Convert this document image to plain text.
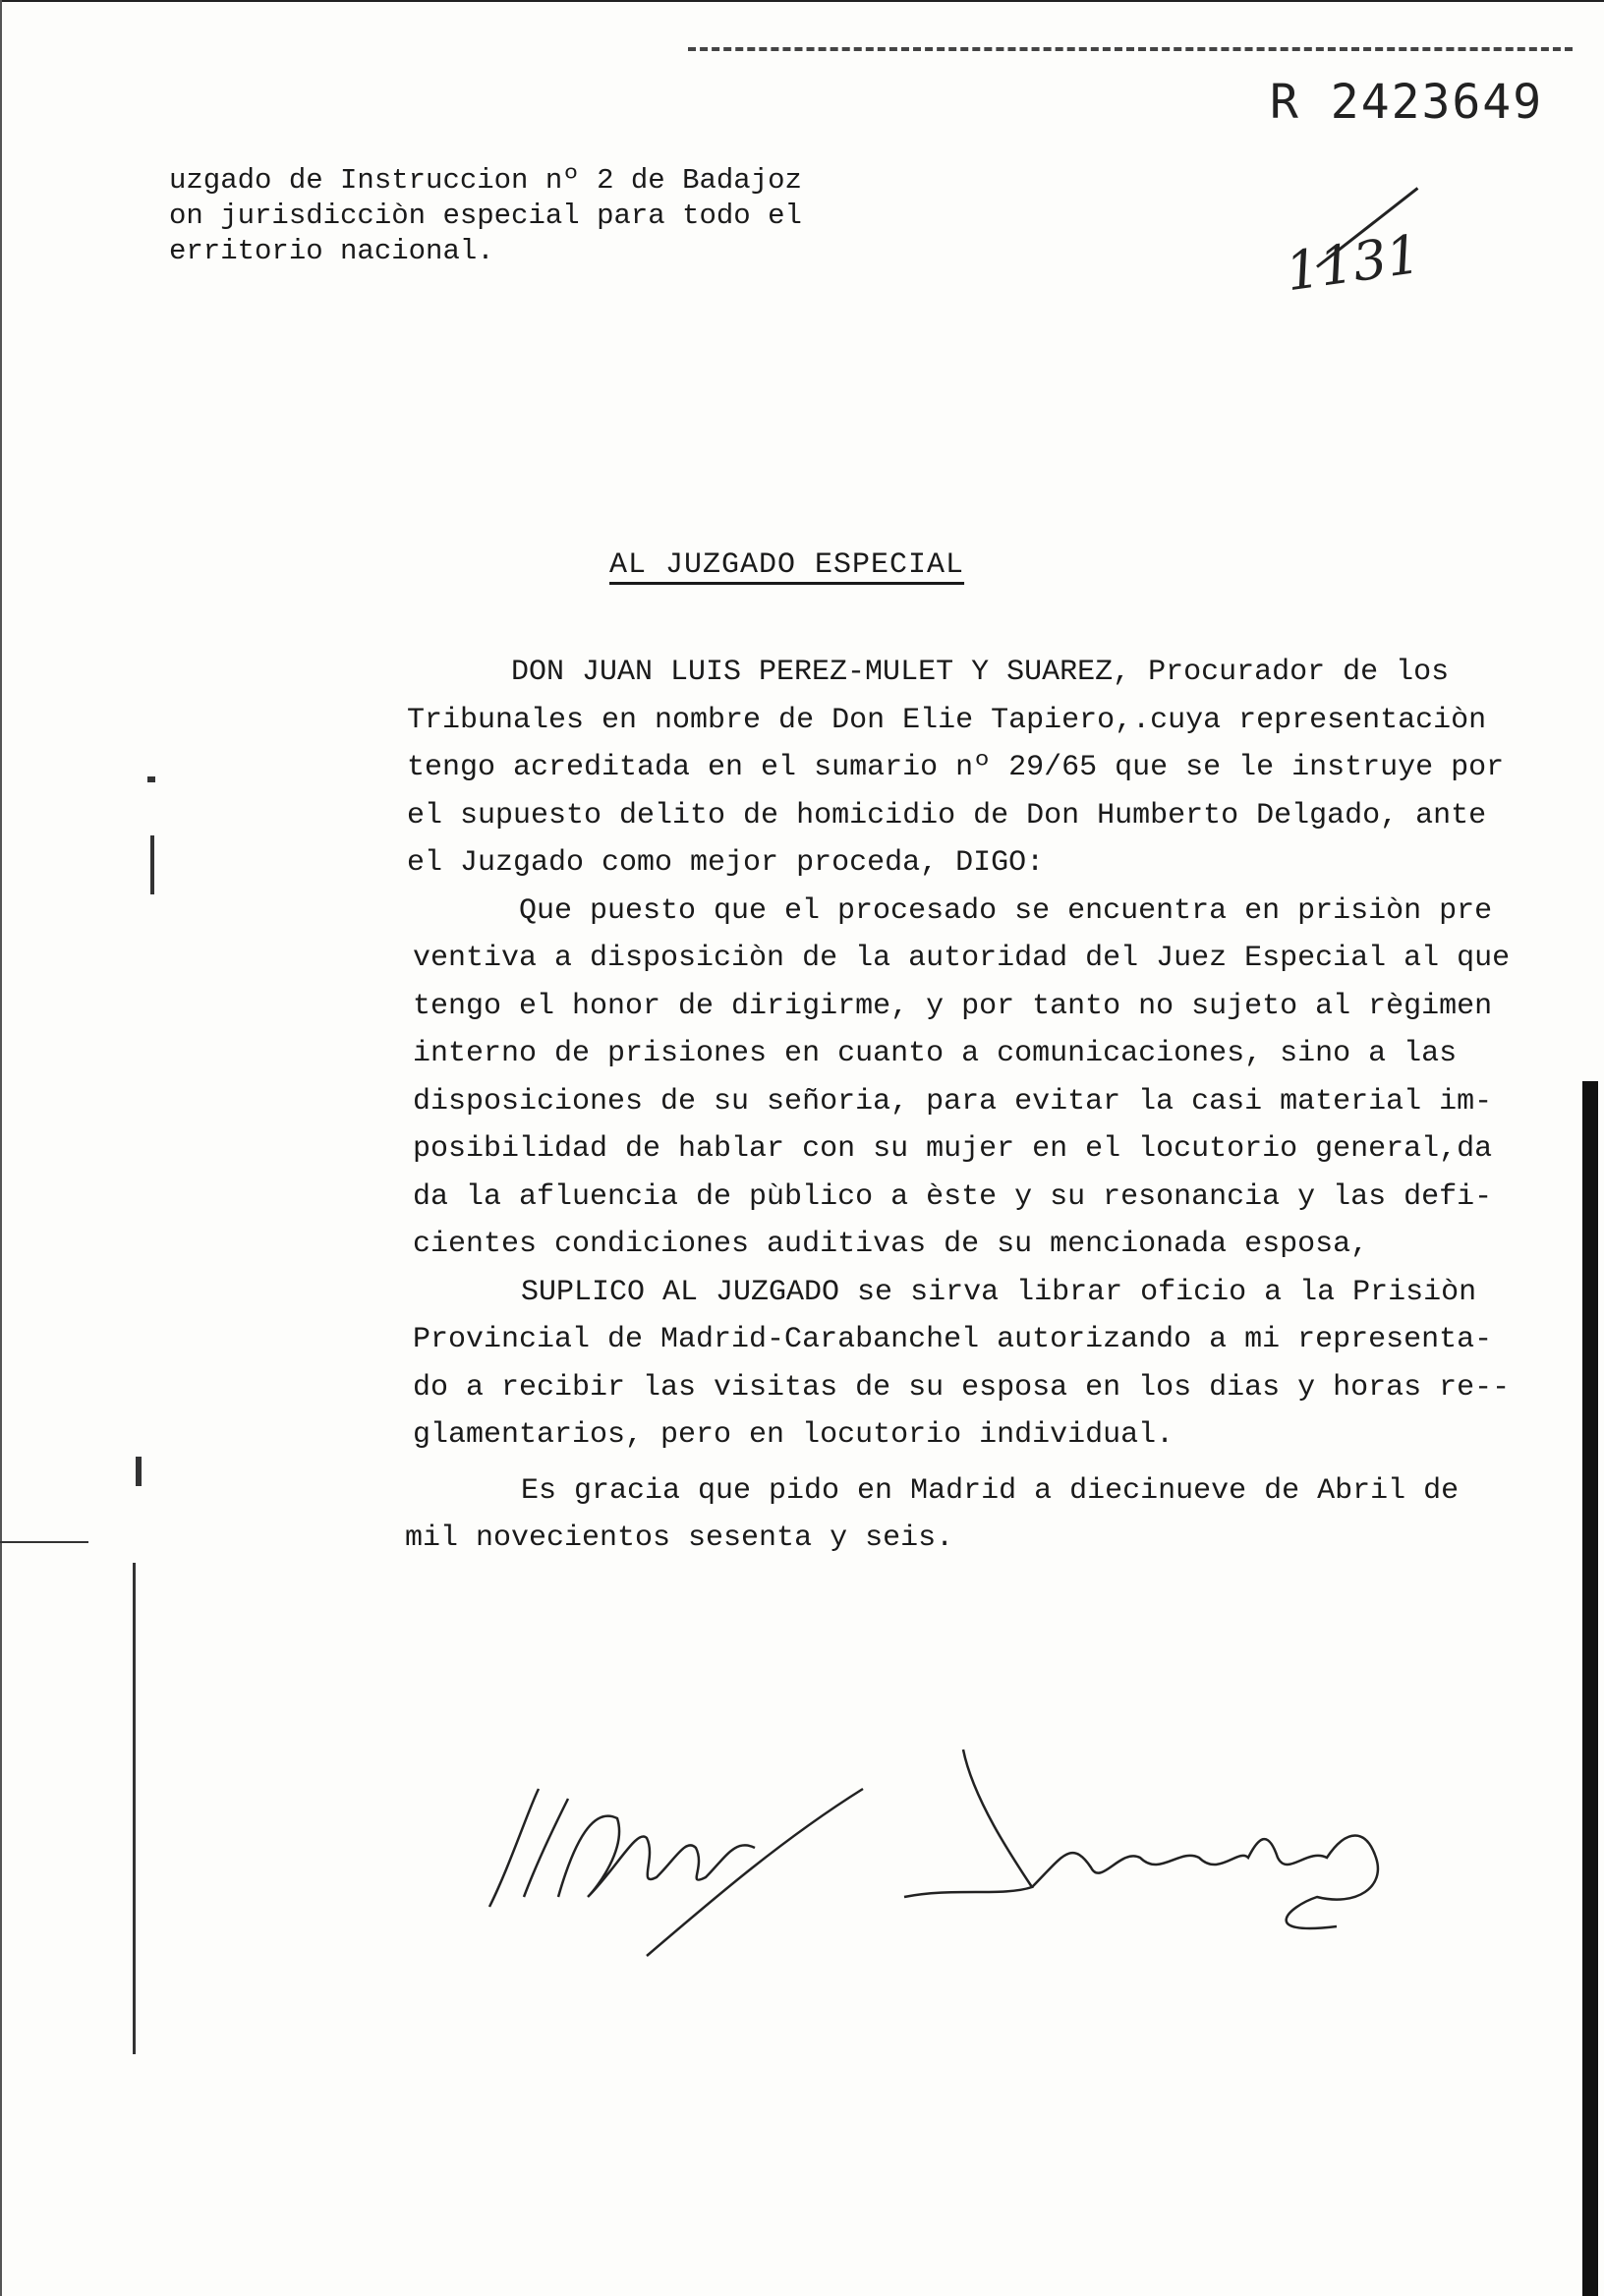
R 2423649
1131
uzgado de Instruccion nº 2 de Badajoz
on jurisdicciòn especial para todo el
erritorio nacional.
AL JUZGADO ESPECIAL
DON JUAN LUIS PEREZ-MULET Y SUAREZ, Procurador de los
Tribunales en nombre de Don Elie Tapiero,.cuya representaciòn
tengo acreditada en el sumario nº 29/65 que se le instruye por
el supuesto delito de homicidio de Don Humberto Delgado, ante
el Juzgado como mejor proceda, DIGO:
Que puesto que el procesado se encuentra en prisiòn pre
ventiva a disposiciòn de la autoridad del Juez Especial al que
tengo el honor de dirigirme, y por tanto no sujeto al règimen
interno de prisiones en cuanto a comunicaciones, sino a las
disposiciones de su señoria, para evitar la casi material im-
posibilidad de hablar con su mujer en el locutorio general,da
da la afluencia de pùblico a èste y su resonancia y las defi-
cientes condiciones auditivas de su mencionada esposa,
SUPLICO AL JUZGADO se sirva librar oficio a la Prisiòn
Provincial de Madrid-Carabanchel autorizando a mi representa-
do a recibir las visitas de su esposa en los dias y horas re--
glamentarios, pero en locutorio individual.
Es gracia que pido en Madrid a diecinueve de Abril de
mil novecientos sesenta y seis.
